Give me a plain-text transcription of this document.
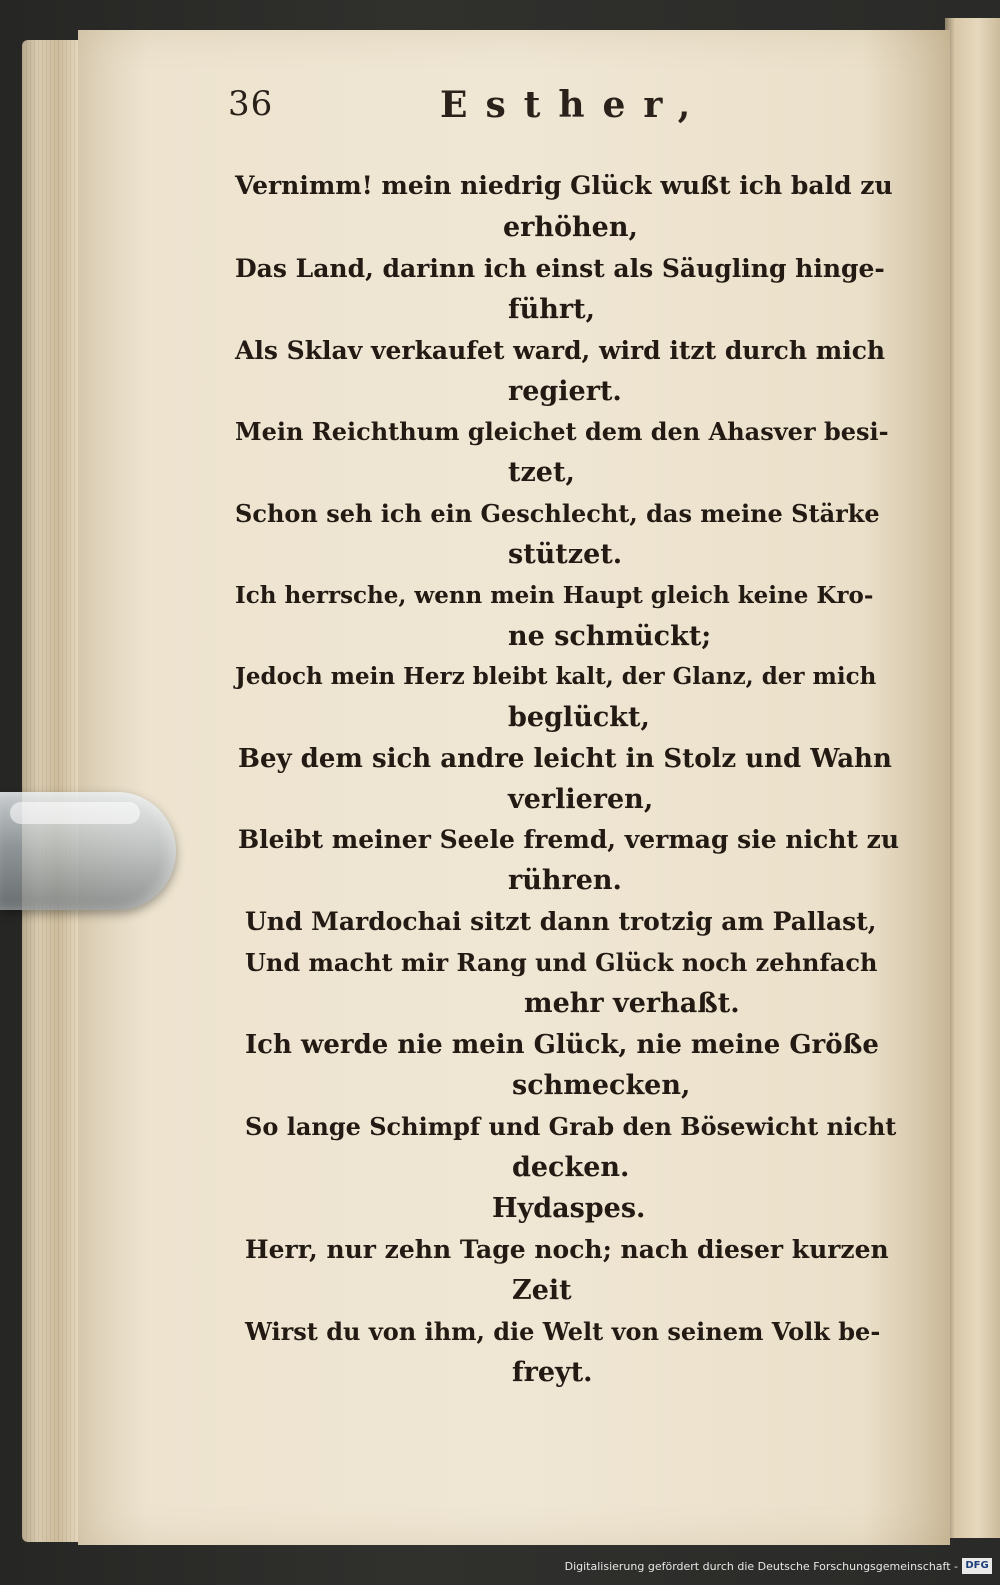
36	Esther,
Vernimm! mein niedrig Glück wußt ich bald zu
erhöhen,
Das Land, darinn ich einst als Säugling hinge-
führt,
Als Sklav verkaufet ward, wird itzt durch mich
regiert.
Mein Reichthum gleichet dem den Ahasver besi-
tzet,
Schon seh ich ein Geschlecht, das meine Stärke
stützet.
Ich herrsche, wenn mein Haupt gleich keine Kro-
ne schmückt;
Jedoch mein Herz bleibt kalt, der Glanz, der mich
beglückt,
Bey dem sich andre leicht in Stolz und Wahn
verlieren,
Bleibt meiner Seele fremd, vermag sie nicht zu
rühren.
Und Mardochai sitzt dann trotzig am Pallast,
Und macht mir Rang und Glück noch zehnfach
mehr verhaßt.
Ich werde nie mein Glück, nie meine Größe
schmecken,
So lange Schimpf und Grab den Bösewicht nicht
decken.
Hydaspes.
Herr, nur zehn Tage noch; nach dieser kurzen
Zeit
Wirst du von ihm, die Welt von seinem Volk be-
freyt.
Digitalisierung gefördert durch die Deutsche Forschungsgemeinschaft - DFG
